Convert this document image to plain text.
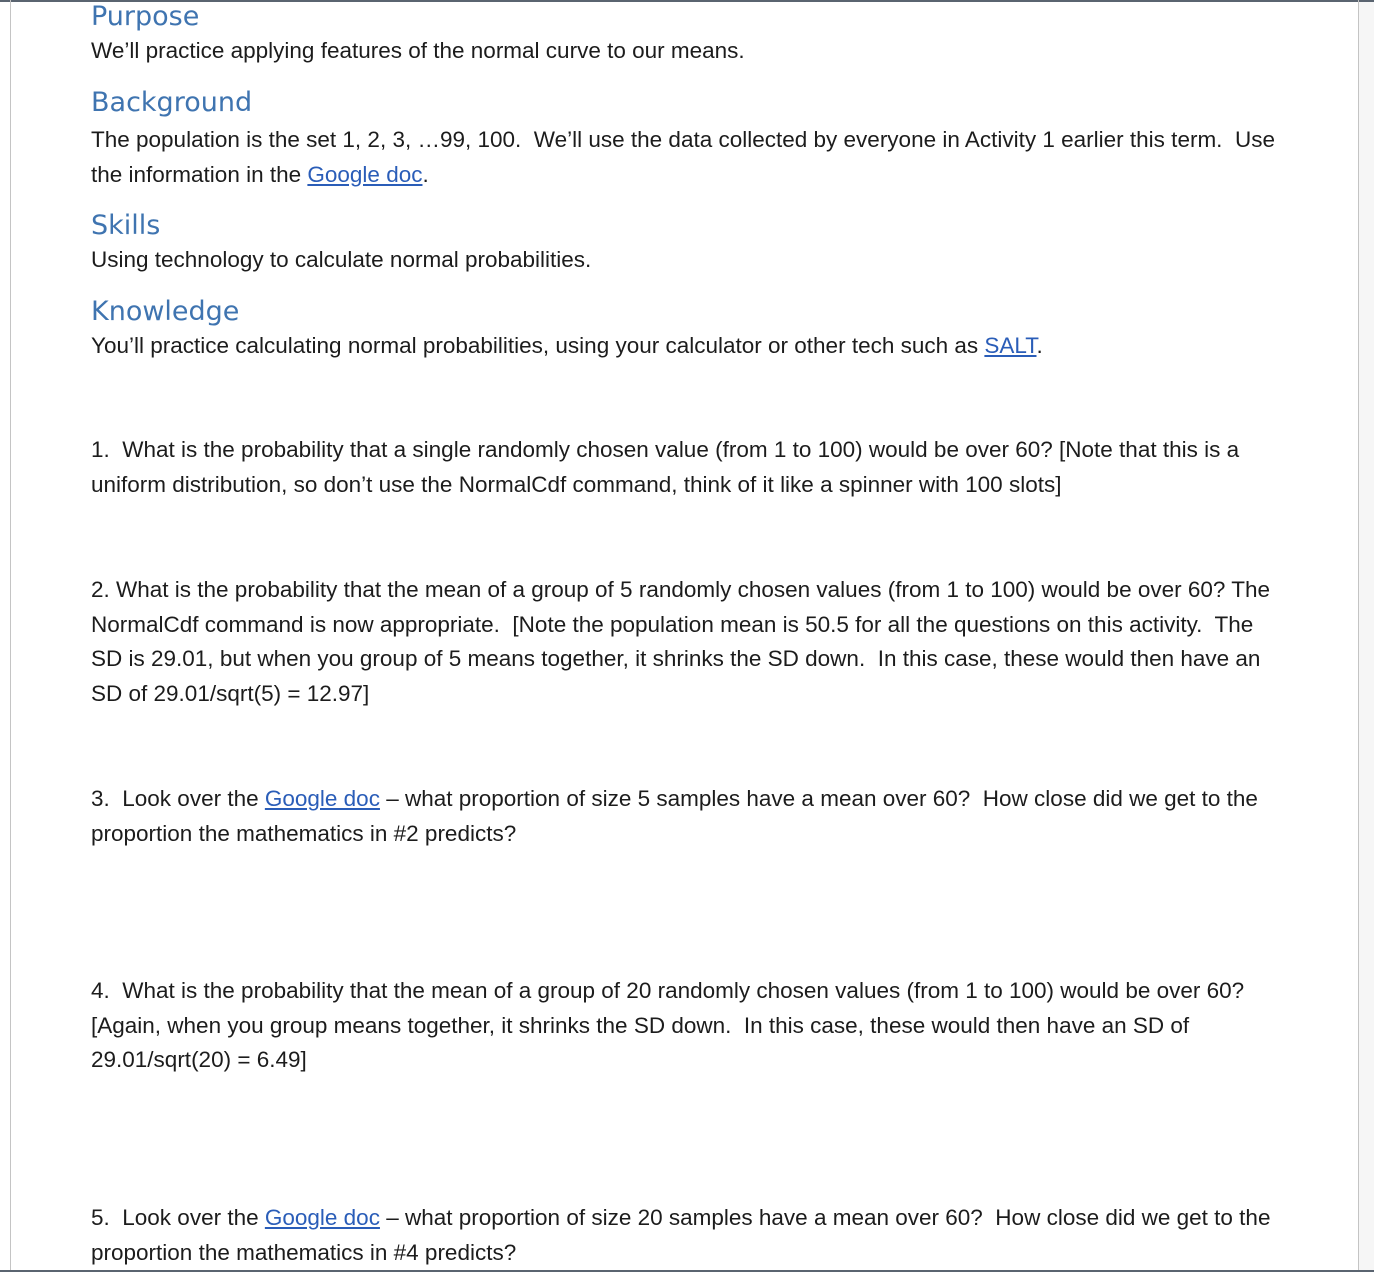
Purpose
We’ll practice applying features of the normal curve to our means.
Background
The population is the set 1, 2, 3, …99, 100.  We’ll use the data collected by everyone in Activity 1 earlier this term.  Use the information in the Google doc.
Skills
Using technology to calculate normal probabilities.
Knowledge
You’ll practice calculating normal probabilities, using your calculator or other tech such as SALT.
1.  What is the probability that a single randomly chosen value (from 1 to 100) would be over 60? [Note that this is a uniform distribution, so don’t use the NormalCdf command, think of it like a spinner with 100 slots]
2. What is the probability that the mean of a group of 5 randomly chosen values (from 1 to 100) would be over 60? The NormalCdf command is now appropriate.  [Note the population mean is 50.5 for all the questions on this activity.  The SD is 29.01, but when you group of 5 means together, it shrinks the SD down.  In this case, these would then have an SD of 29.01/sqrt(5) = 12.97]
3.  Look over the Google doc – what proportion of size 5 samples have a mean over 60?  How close did we get to the proportion the mathematics in #2 predicts?
4.  What is the probability that the mean of a group of 20 randomly chosen values (from 1 to 100) would be over 60? [Again, when you group means together, it shrinks the SD down.  In this case, these would then have an SD of 29.01/sqrt(20) = 6.49]
5.  Look over the Google doc – what proportion of size 20 samples have a mean over 60?  How close did we get to the proportion the mathematics in #4 predicts?
